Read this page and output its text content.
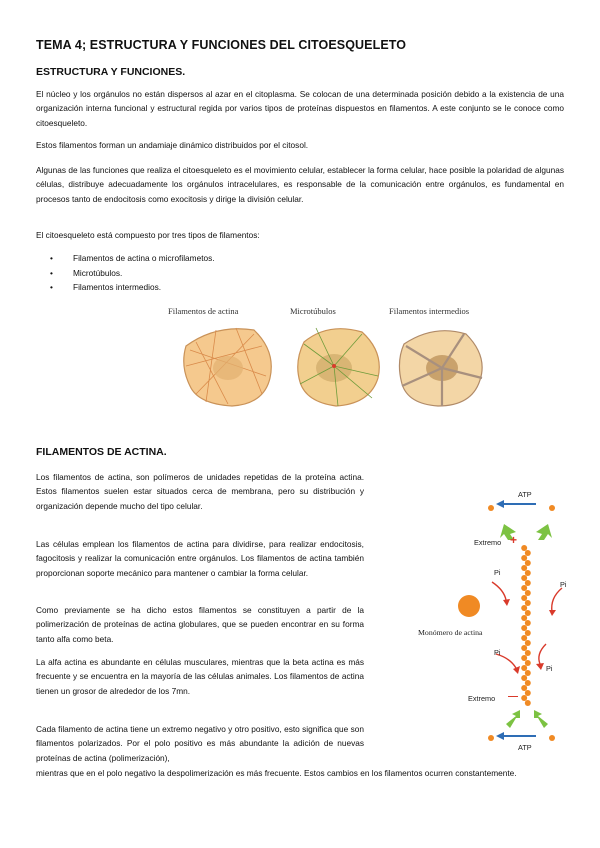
TEMA 4; ESTRUCTURA Y FUNCIONES DEL CITOESQUELETO
ESTRUCTURA Y FUNCIONES.

El núcleo y los orgánulos no están dispersos al azar en el citoplasma. Se colocan de una determinada posición debido a la existencia de una organización interna funcional y estructural regida por varios tipos de proteínas dispuestos en filamentos. A este conjunto se le conoce como citoesqueleto.

Estos filamentos forman un andamiaje dinámico distribuidos por el citosol.

Algunas de las funciones que realiza el citoesqueleto es el movimiento celular, establecer la forma celular, hace posible la polaridad de algunas células, distribuye adecuadamente los orgánulos intracelulares, es responsable de la comunicación entre orgánulos, es fundamental en procesos tanto de endocitosis como exocitosis y dirige la división celular.

El citoesqueleto está compuesto por tres tipos de filamentos:

• Filamentos de actina o microfilametos.
• Microtúbulos.
• Filamentos intermedios.
Filamentos de actina	Microtúbulos	Filamentos intermedios
FILAMENTOS DE ACTINA.

Los filamentos de actina, son polímeros de unidades repetidas de la proteína actina. Estos filamentos suelen estar situados cerca de membrana, pero su distribución y organización depende mucho del tipo celular.

Las células emplean los filamentos de actina para dividirse, para realizar endocitosis, fagocitosis y realizar la comunicación entre orgánulos. Los filamentos de actina también proporcionan soporte mecánico para mantener o cambiar la forma celular.

Como previamente se ha dicho estos filamentos se constituyen a partir de la polimerización de proteínas de actina globulares, que se pueden encontrar en su forma tanto alfa como beta.

La alfa actina es abundante en células musculares, mientras que la beta actina es más frecuente y se encuentra en la mayoría de las células animales. Los filamentos de actina tienen un grosor de alrededor de los 7mn.

Cada filamento de actina tiene un extremo negativo y otro positivo, esto significa que son filamentos polarizados. Por el polo positivo es más abundante la adición de nuevas proteínas de actina (polimerización),

mientras que en el polo negativo la despolimerización es más frecuente. Estos cambios en los filamentos ocurren constantemente.

ATP
Extremo +
Pi
Pi
Pi
Pi
Monómero de actina
Extremo —
ATP
